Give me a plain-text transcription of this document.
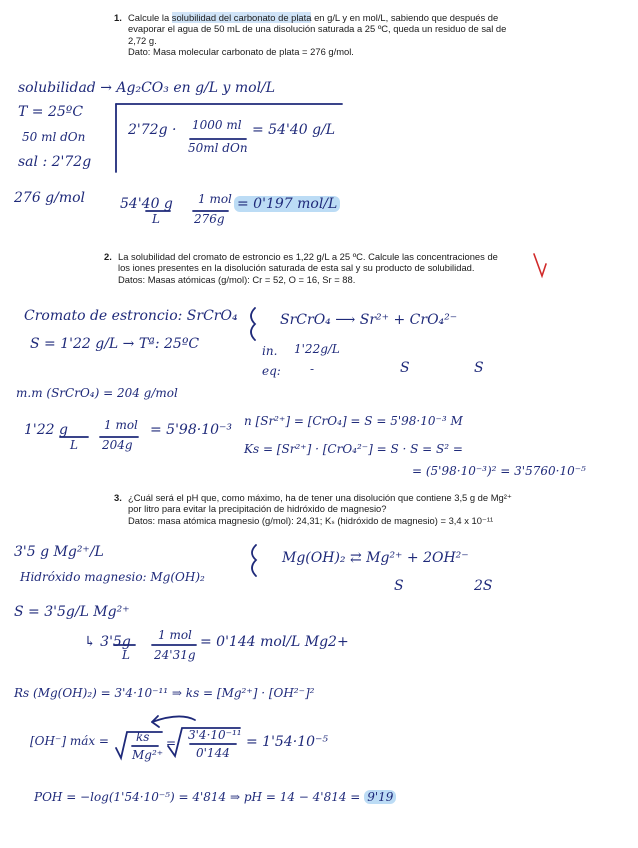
1. Calcule la solubilidad del carbonato de plata en g/L y en mol/L, sabiendo que después de
evaporar el agua de 50 mL de una disolución saturada a 25 ºC, queda un residuo de sal de
2,72 g.
Dato: Masa molecular carbonato de plata = 276 g/mol.
2. La solubilidad del cromato de estroncio es 1,22 g/L a 25 ºC. Calcule las concentraciones de
los iones presentes en la disolución saturada de esta sal y su producto de solubilidad.
Datos: Masas atómicas (g/mol): Cr = 52, O = 16, Sr = 88.
3. ¿Cuál será el pH que, como máximo, ha de tener una disolución que contiene 3,5 g de Mg²⁺
por litro para evitar la precipitación de hidróxido de magnesio?
Datos: masa atómica magnesio (g/mol): 24,31; Kₛ (hidróxido de magnesio) = 3,4 x 10⁻¹¹
solubilidad → Ag₂CO₃ en g/L y mol/L
T = 25ºC
50 ml dOn
sal : 2'72g
276 g/mol
2'72g · 1000 ml
50ml dOn
= 54'40 g/L
54'40 g
L
1 mol
276g
= 0'197 mol/L
Cromato de estroncio: SrCrO₄
S = 1'22 g/L → Tª: 25ºC
SrCrO₄ ⟶ Sr²⁺ + CrO₄²⁻
in. 1'22g/L
eq: -	S	S
m.m (SrCrO₄) = 204 g/mol
1'22 g
L
1 mol
204g
= 5'98·10⁻³
n [Sr²⁺] = [CrO₄] = S = 5'98·10⁻³ M
Ks = [Sr²⁺] · [CrO₄²⁻] = S · S = S² =
= (5'98·10⁻³)² = 3'5760·10⁻⁵
3'5 g Mg²⁺/L
Hidróxido magnesio: Mg(OH)₂
Mg(OH)₂ ⇄ Mg²⁺ + 2OH²⁻
S	2S
S = 3'5g/L Mg²⁺
↳ 3'5g
L
1 mol
24'31g
= 0'144 mol/L Mg2+
Rs (Mg(OH)₂) = 3'4·10⁻¹¹ ⇒ ks = [Mg²⁺] · [OH²⁻]²
[OH⁻] máx = ks
Mg²⁺
=
3'4·10⁻¹¹
0'144
= 1'54·10⁻⁵
POH = −log(1'54·10⁻⁵) = 4'814 ⇒ pH = 14 − 4'814 = 9'19
